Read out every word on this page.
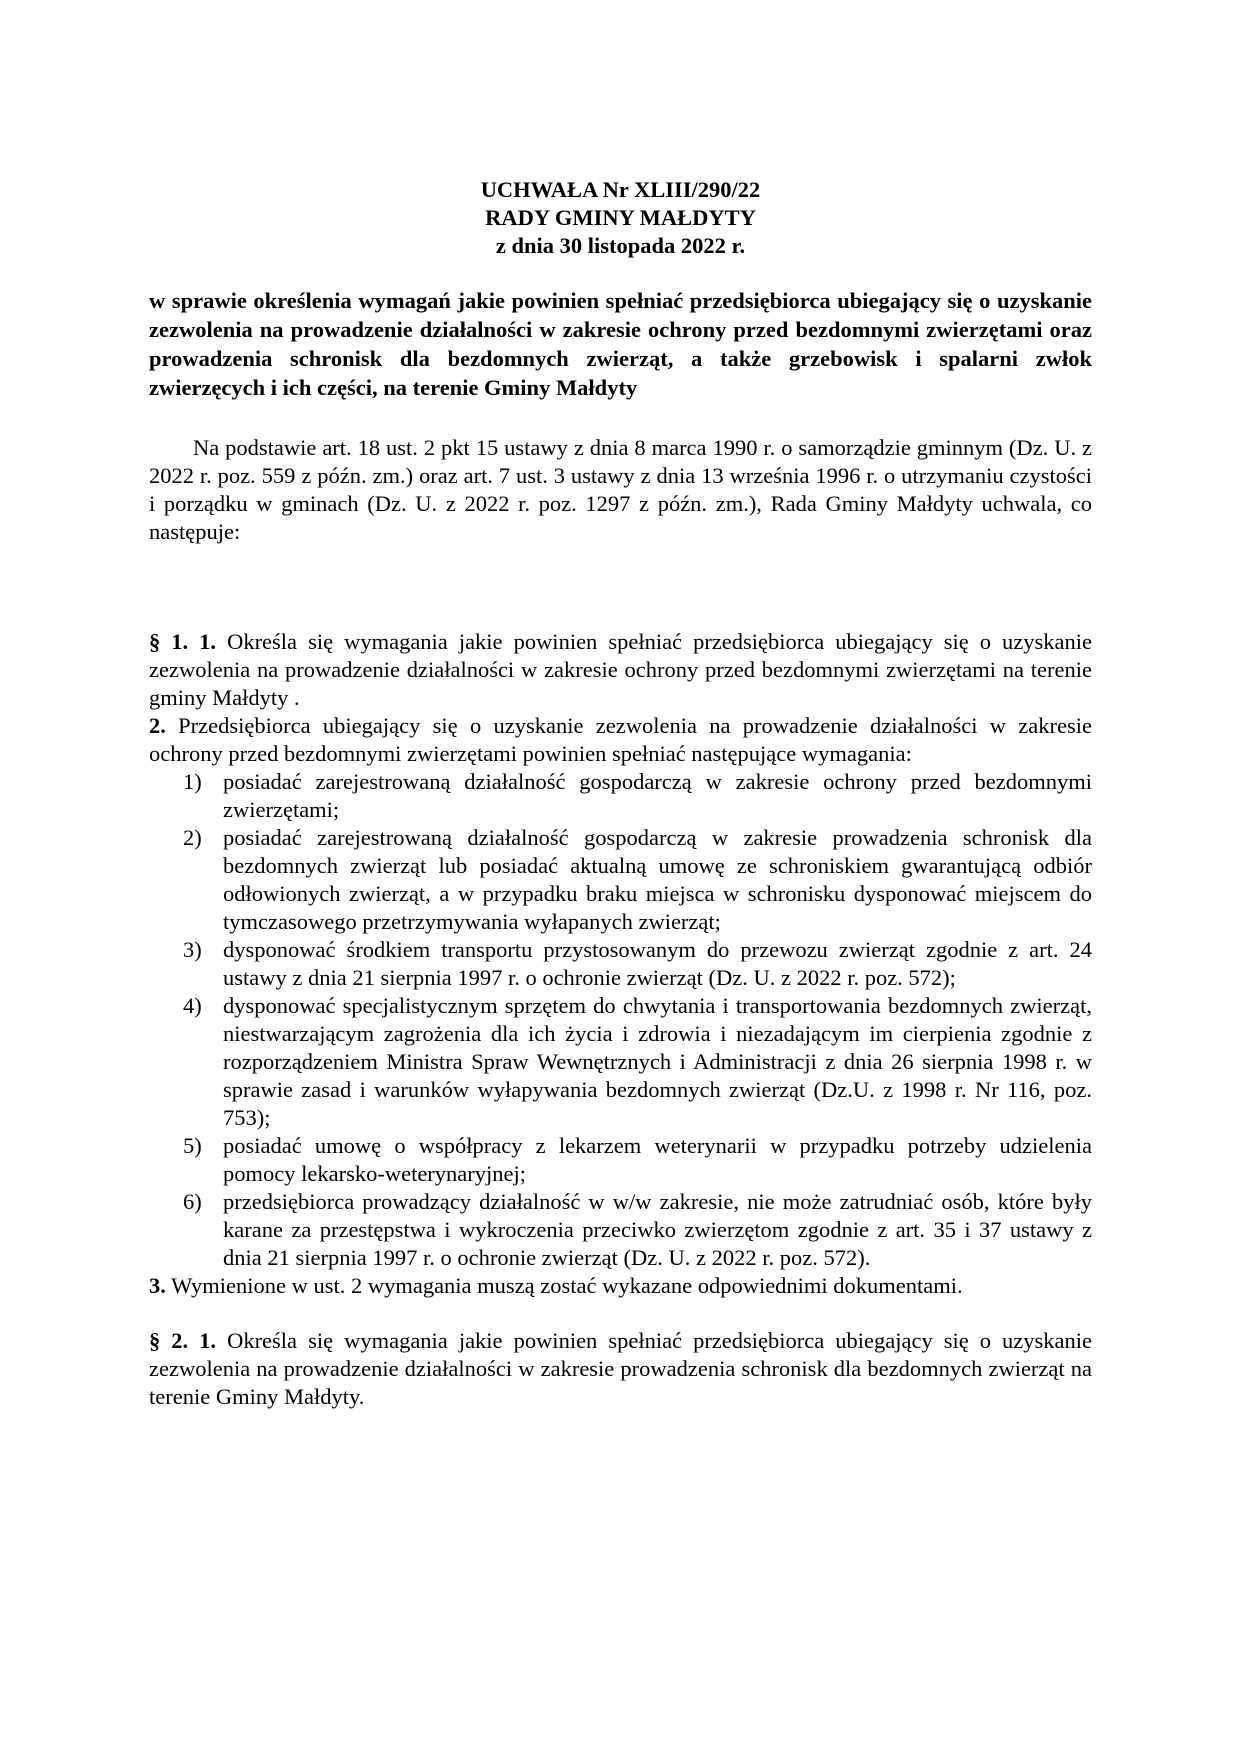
UCHWAŁA Nr XLIII/290/22
RADY GMINY MAŁDYTY
z dnia 30 listopada 2022 r.
w sprawie określenia wymagań jakie powinien spełniać przedsiębiorca ubiegający się o uzyskanie zezwolenia na prowadzenie działalności w zakresie ochrony przed bezdomnymi zwierzętami oraz prowadzenia schronisk dla bezdomnych zwierząt, a także grzebowisk i spalarni zwłok zwierzęcych i ich części, na terenie Gminy Małdyty
Na podstawie art. 18 ust. 2 pkt 15 ustawy z dnia 8 marca 1990 r. o samorządzie gminnym (Dz. U. z 2022 r. poz. 559 z późn. zm.) oraz art. 7 ust. 3 ustawy z dnia 13 września 1996 r. o utrzymaniu czystości i porządku w gminach (Dz. U. z 2022 r. poz. 1297 z późn. zm.), Rada Gminy Małdyty uchwala, co następuje:

§ 1. 1. Określa się wymagania jakie powinien spełniać przedsiębiorca ubiegający się o uzyskanie zezwolenia na prowadzenie działalności w zakresie ochrony przed bezdomnymi zwierzętami na terenie gminy Małdyty .

2. Przedsiębiorca ubiegający się o uzyskanie zezwolenia na prowadzenie działalności w zakresie ochrony przed bezdomnymi zwierzętami powinien spełniać następujące wymagania:

1) posiadać zarejestrowaną działalność gospodarczą w zakresie ochrony przed bezdomnymi zwierzętami;
2) posiadać zarejestrowaną działalność gospodarczą w zakresie prowadzenia schronisk dla bezdomnych zwierząt lub posiadać aktualną umowę ze schroniskiem gwarantującą odbiór odłowionych zwierząt, a w przypadku braku miejsca w schronisku dysponować miejscem do tymczasowego przetrzymywania wyłapanych zwierząt;
3) dysponować środkiem transportu przystosowanym do przewozu zwierząt zgodnie z art. 24 ustawy z dnia 21 sierpnia 1997 r. o ochronie zwierząt (Dz. U. z 2022 r. poz. 572);
4) dysponować specjalistycznym sprzętem do chwytania i transportowania bezdomnych zwierząt, niestwarzającym zagrożenia dla ich życia i zdrowia i niezadającym im cierpienia zgodnie z rozporządzeniem Ministra Spraw Wewnętrznych i Administracji z dnia 26 sierpnia 1998 r. w sprawie zasad i warunków wyłapywania bezdomnych zwierząt (Dz.U. z 1998 r. Nr 116, poz. 753);
5) posiadać umowę o współpracy z lekarzem weterynarii w przypadku potrzeby udzielenia pomocy lekarsko-weterynaryjnej;
6) przedsiębiorca prowadzący działalność w w/w zakresie, nie może zatrudniać osób, które były karane za przestępstwa i wykroczenia przeciwko zwierzętom zgodnie z art. 35 i 37 ustawy z dnia 21 sierpnia 1997 r. o ochronie zwierząt (Dz. U. z 2022 r. poz. 572).

3. Wymienione w ust. 2 wymagania muszą zostać wykazane odpowiednimi dokumentami.

§ 2. 1. Określa się wymagania jakie powinien spełniać przedsiębiorca ubiegający się o uzyskanie zezwolenia na prowadzenie działalności w zakresie prowadzenia schronisk dla bezdomnych zwierząt na terenie Gminy Małdyty.
